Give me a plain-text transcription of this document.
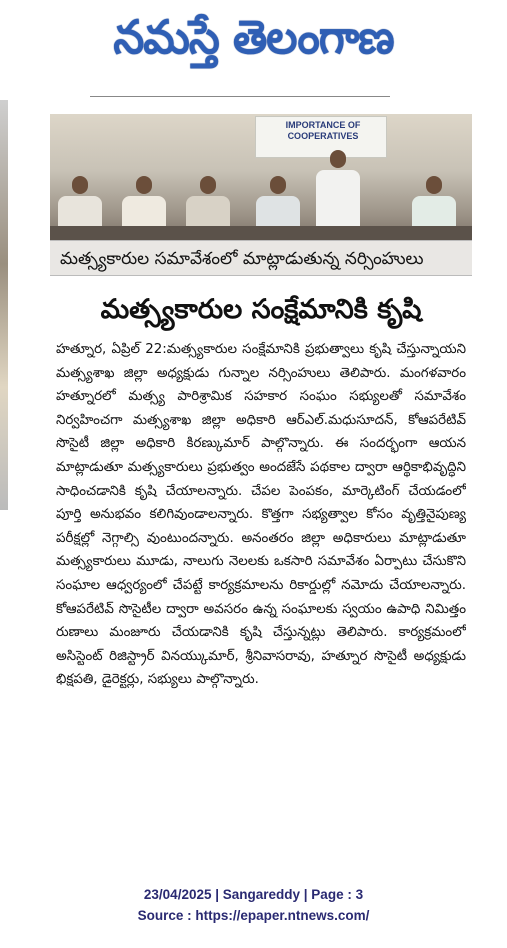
నమస్తే తెలంగాణ
IMPORTANCE OF COOPERATIVES
మత్స్యకారుల సమావేశంలో మాట్లాడుతున్న నర్సింహులు
మత్స్యకారుల సంక్షేమానికి కృషి
హత్నూర, ఏప్రిల్ 22:మత్స్యకారుల సంక్షేమానికి ప్రభుత్వాలు కృషి చేస్తున్నాయని మత్స్యశాఖ జిల్లా అధ్యక్షుడు గున్నాల నర్సింహులు తెలిపారు. మంగళవారం హత్నూరలో మత్స్య పారిశ్రామిక సహకార సంఘం సభ్యులతో సమావేశం నిర్వహించగా మత్స్యశాఖ జిల్లా అధికారి ఆర్ఎల్.మధుసూదన్, కోఆపరేటివ్ సొసైటీ జిల్లా అధికారి కిరణ్కుమార్ పాల్గొన్నారు. ఈ సందర్భంగా ఆయన మాట్లాడుతూ మత్స్యకారులు ప్రభుత్వం అందజేసే పథకాల ద్వారా ఆర్థికాభివృద్ధిని సాధించడానికి కృషి చేయాలన్నారు. చేపల పెంపకం, మార్కెటింగ్ చేయడంలో పూర్తి అనుభవం కలిగివుండాలన్నారు. కొత్తగా సభ్యత్వాల కోసం వృత్తినైపుణ్య పరీక్షల్లో నెగ్గాల్సి వుంటుందన్నారు. అనంతరం జిల్లా అధికారులు మాట్లాడుతూ మత్స్యకారులు మూడు, నాలుగు నెలలకు ఒకసారి సమావేశం ఏర్పాటు చేసుకొని సంఘాల ఆధ్వర్యంలో చేపట్టే కార్యక్రమాలను రికార్డుల్లో నమోదు చేయాలన్నారు. కోఆపరేటివ్ సొసైటీల ద్వారా అవసరం ఉన్న సంఘాలకు స్వయం ఉపాధి నిమిత్తం రుణాలు మంజూరు చేయడానికి కృషి చేస్తున్నట్లు తెలిపారు. కార్యక్రమంలో అసిస్టెంట్ రిజిస్ట్రార్ వినయ్కుమార్, శ్రీనివాసరావు, హత్నూర సొసైటీ అధ్యక్షుడు భిక్షపతి, డైరెక్టర్లు, సభ్యులు పాల్గొన్నారు.
23/04/2025 | Sangareddy | Page : 3
Source : https://epaper.ntnews.com/
